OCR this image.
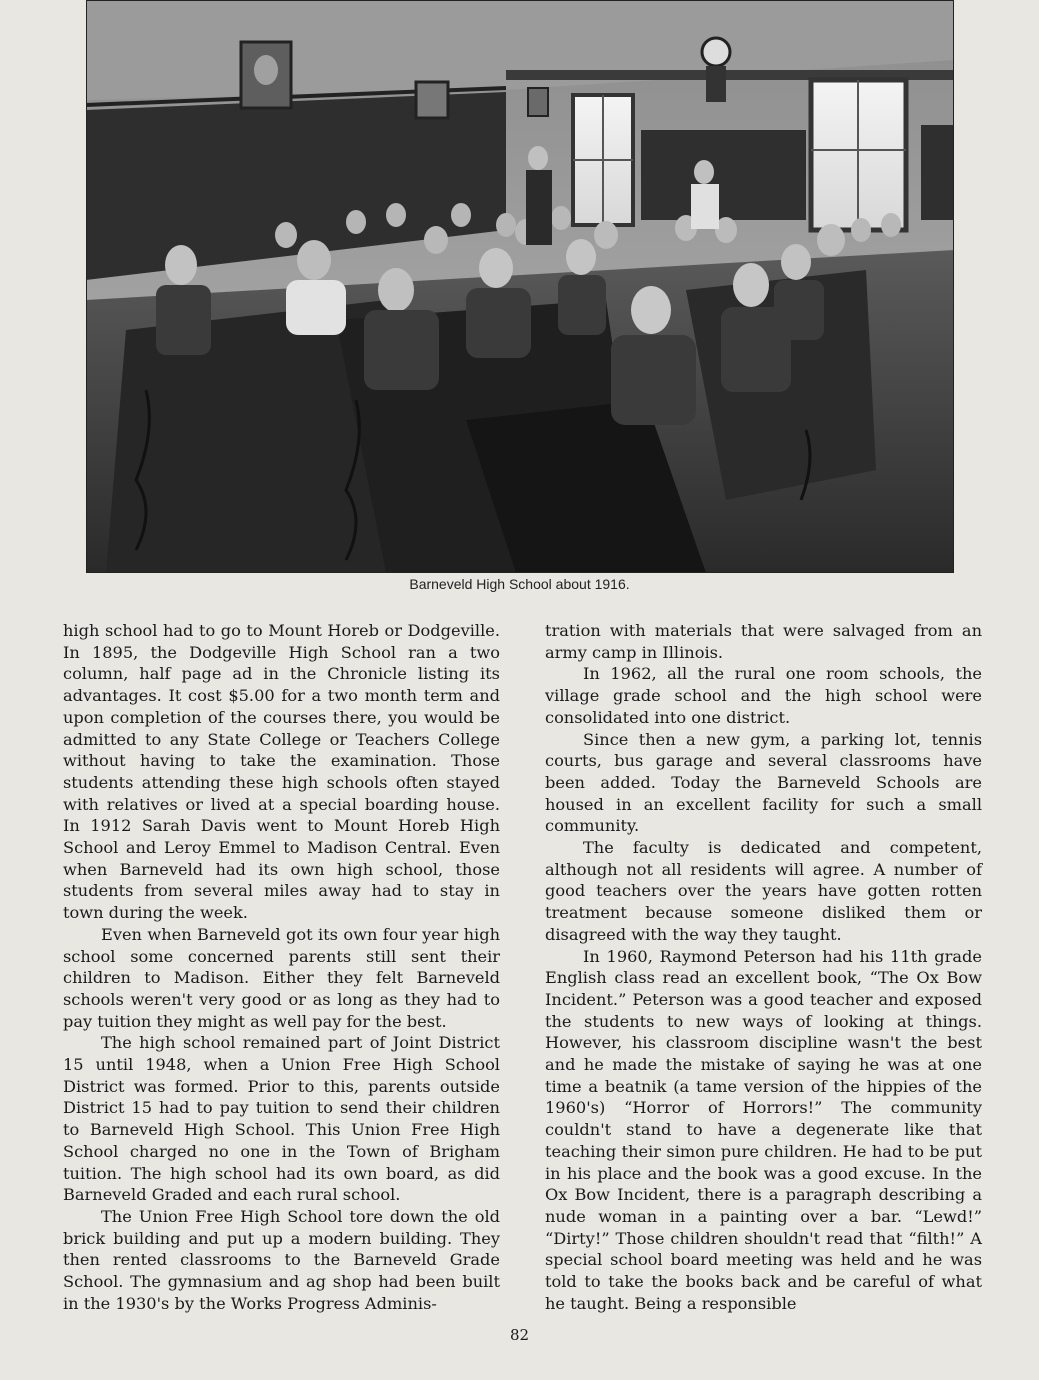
Barneveld High School about 1916.

high school had to go to Mount Horeb or Dodgeville. In 1895, the Dodgeville High School ran a two column, half page ad in the Chronicle listing its advantages. It cost $5.00 for a two month term and upon completion of the courses there, you would be admitted to any State College or Teachers College without having to take the examination. Those students attending these high schools often stayed with relatives or lived at a special boarding house. In 1912 Sarah Davis went to Mount Horeb High School and Leroy Emmel to Madison Central. Even when Barneveld had its own high school, those students from several miles away had to stay in town during the week.

Even when Barneveld got its own four year high school some concerned parents still sent their children to Madison. Either they felt Barneveld schools weren't very good or as long as they had to pay tuition they might as well pay for the best.

The high school remained part of Joint District 15 until 1948, when a Union Free High School District was formed. Prior to this, parents outside District 15 had to pay tuition to send their children to Barneveld High School. This Union Free High School charged no one in the Town of Brigham tuition. The high school had its own board, as did Barneveld Graded and each rural school.

The Union Free High School tore down the old brick building and put up a modern building. They then rented classrooms to the Barneveld Grade School. The gymnasium and ag shop had been built in the 1930's by the Works Progress Adminis-

tration with materials that were salvaged from an army camp in Illinois.

In 1962, all the rural one room schools, the village grade school and the high school were consolidated into one district.

Since then a new gym, a parking lot, tennis courts, bus garage and several classrooms have been added. Today the Barneveld Schools are housed in an excellent facility for such a small community.

The faculty is dedicated and competent, although not all residents will agree. A number of good teachers over the years have gotten rotten treatment because someone disliked them or disagreed with the way they taught.

In 1960, Raymond Peterson had his 11th grade English class read an excellent book, “The Ox Bow Incident.” Peterson was a good teacher and exposed the students to new ways of looking at things. However, his classroom discipline wasn't the best and he made the mistake of saying he was at one time a beatnik (a tame version of the hippies of the 1960's) “Horror of Horrors!” The community couldn't stand to have a degenerate like that teaching their simon pure children. He had to be put in his place and the book was a good excuse. In the Ox Bow Incident, there is a paragraph describing a nude woman in a painting over a bar. “Lewd!” “Dirty!” Those children shouldn't read that “filth!” A special school board meeting was held and he was told to take the books back and be careful of what he taught. Being a responsible

82
